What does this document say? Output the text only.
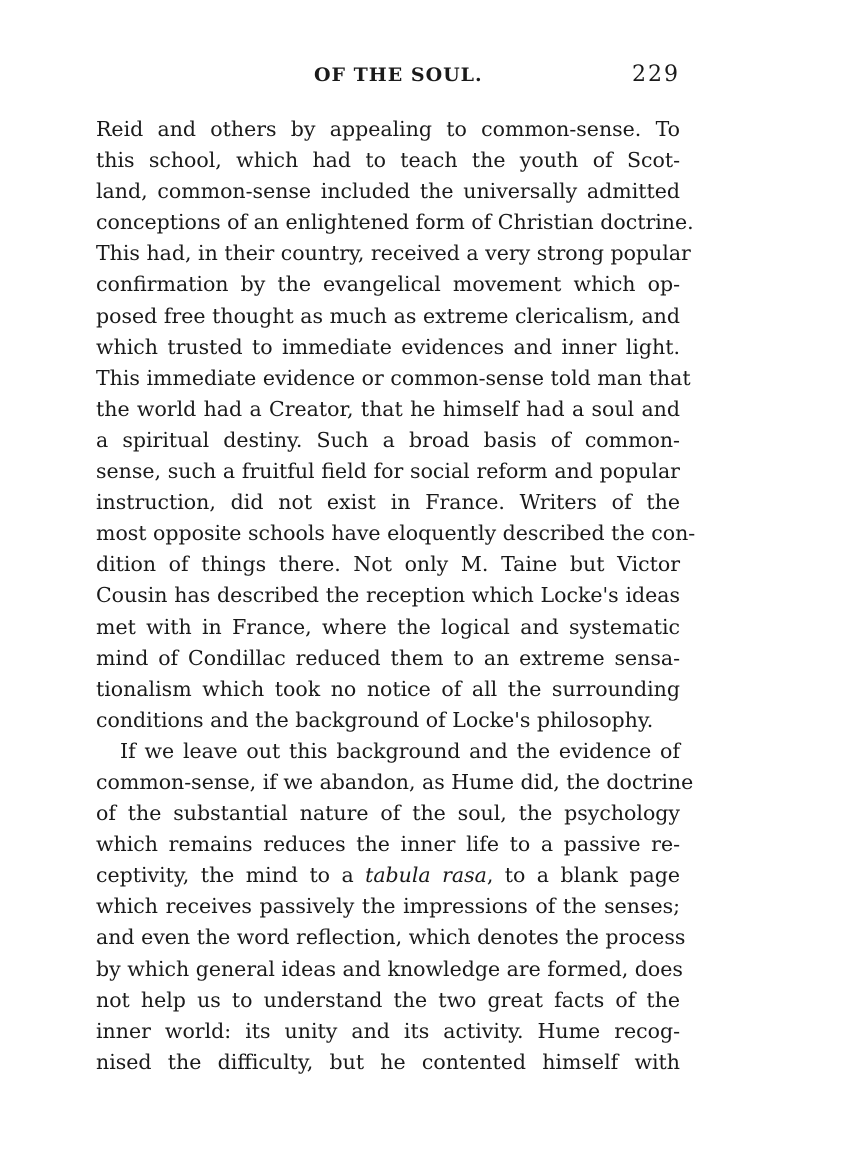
OF THE SOUL.	229
Reid and others by appealing to common-sense. To
this school, which had to teach the youth of Scot-
land, common-sense included the universally admitted
conceptions of an enlightened form of Christian doctrine.
This had, in their country, received a very strong popular
confirmation by the evangelical movement which op-
posed free thought as much as extreme clericalism, and
which trusted to immediate evidences and inner light.
This immediate evidence or common-sense told man that
the world had a Creator, that he himself had a soul and
a spiritual destiny. Such a broad basis of common-
sense, such a fruitful field for social reform and popular
instruction, did not exist in France. Writers of the
most opposite schools have eloquently described the con-
dition of things there. Not only M. Taine but Victor
Cousin has described the reception which Locke's ideas
met with in France, where the logical and systematic
mind of Condillac reduced them to an extreme sensa-
tionalism which took no notice of all the surrounding
conditions and the background of Locke's philosophy.
If we leave out this background and the evidence of
common-sense, if we abandon, as Hume did, the doctrine
of the substantial nature of the soul, the psychology
which remains reduces the inner life to a passive re-
ceptivity, the mind to a tabula rasa, to a blank page
which receives passively the impressions of the senses;
and even the word reflection, which denotes the process
by which general ideas and knowledge are formed, does
not help us to understand the two great facts of the
inner world: its unity and its activity. Hume recog-
nised the difficulty, but he contented himself with
